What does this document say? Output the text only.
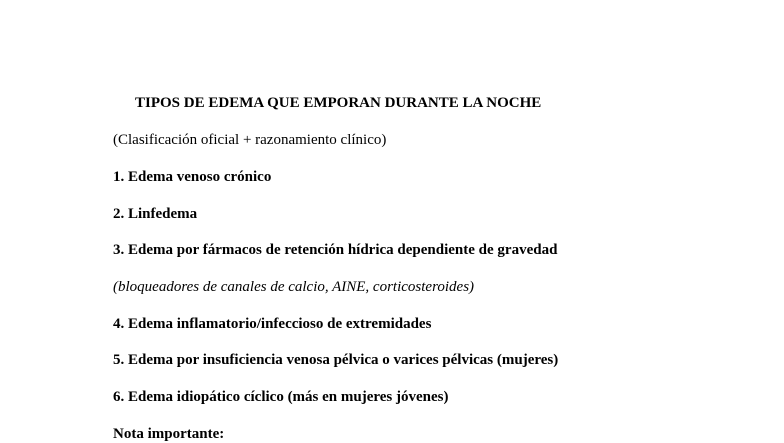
TIPOS DE EDEMA QUE EMPORAN DURANTE LA NOCHE
(Clasificación oficial + razonamiento clínico)
1. Edema venoso crónico
2. Linfedema
3. Edema por fármacos de retención hídrica dependiente de gravedad
(bloqueadores de canales de calcio, AINE, corticosteroides)
4. Edema inflamatorio/infeccioso de extremidades
5. Edema por insuficiencia venosa pélvica o varices pélvicas (mujeres)
6. Edema idiopático cíclico (más en mujeres jóvenes)
Nota importante:
